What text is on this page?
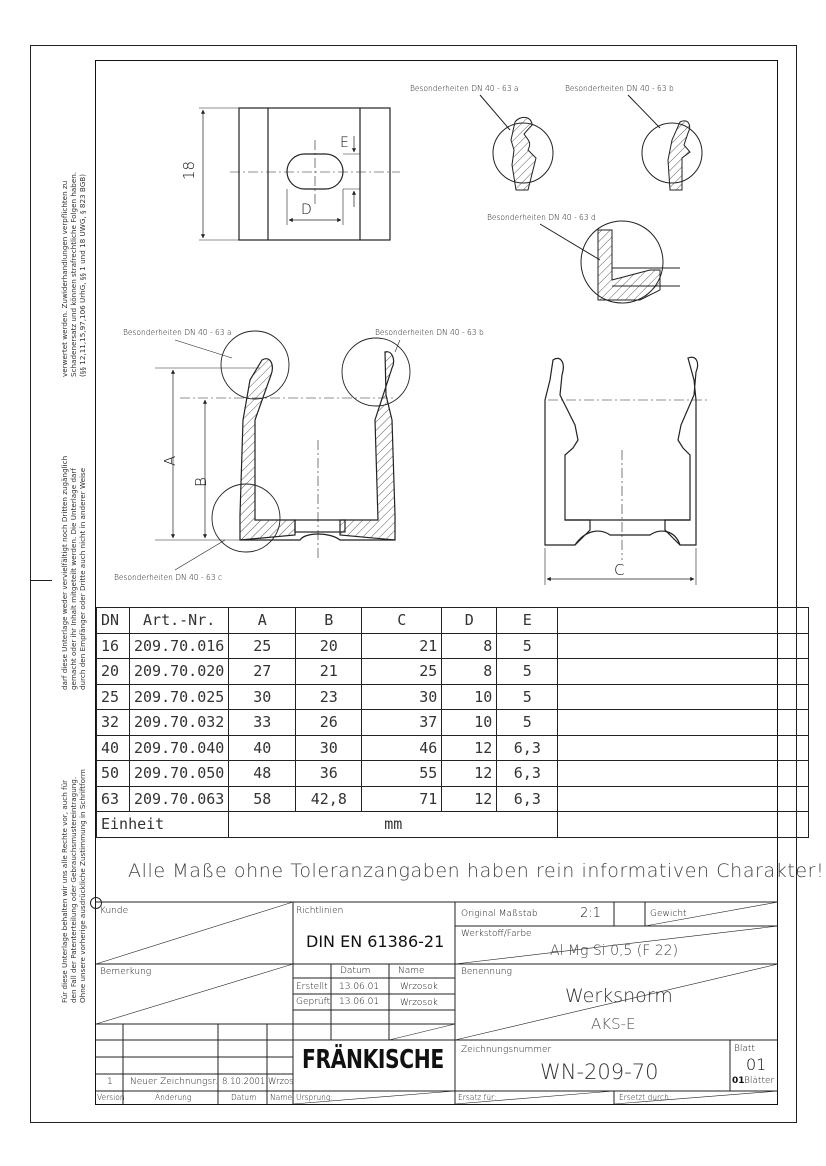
verwertet werden. Zuwiderhandlungen verpflichten zu Schadenersatz und können strafrechtliche Folgen haben. (§§ 12,11,15,97,106 UrhG, §§ 1 und 18 UWG, § 823 BGB)
darf diese Unterlage weder vervielfältigt noch Dritten zugänglich gemacht oder ihr Inhalt mitgeteilt werden. Die Unterlage darf durch den Empfänger oder Dritte auch nicht in anderer Weise
Für diese Unterlage behalten wir uns alle Rechte vor, auch für den Fall der Patenterteilung oder Gebrauchsmustereintragung. Ohne unsere vorherige ausdrückliche Zustimmung in Schriftform
Besonderheiten DN 40 - 63 a	Besonderheiten DN 40 - 63 b
Besonderheiten DN 40 - 63 d
Besonderheiten DN 40 - 63 a	Besonderheiten DN 40 - 63 b
Besonderheiten DN 40 - 63 c
18
D
E
A
B
C
DN	Art.-Nr.	A	B	C	D	E	
16	209.70.016	25	20	21	8	5	
20	209.70.020	27	21	25	8	5	
25	209.70.025	30	23	30	10	5	
32	209.70.032	33	26	37	10	5	
40	209.70.040	40	30	46	12	6,3	
50	209.70.050	48	36	55	12	6,3	
63	209.70.063	58	42,8	71	12	6,3	
Einheit		mm					
Alle Maße ohne Toleranzangaben haben rein informativen Charakter!
Kunde	Richtlinien
DIN EN 61386-21
Original Maßstab	2:1	Gewicht
Werkstoff/Farbe
Al Mg Si 0,5 (F 22)
Bemerkung	Datum	Name
Erstellt 13.06.01 Wrzosok
Geprüft 13.06.01 Wrzosok
Benennung
Werksnorm
AKS-E
FRÄNKISCHE Zeichnungsnummer
WN-209-70
Blatt
01
01 Blätter
1 Neuer Zeichnungsr. 8.10.2001 Wrzos
Version	Änderung	Datum Name Ursprung:	Ersatz für:	Ersetzt durch:
